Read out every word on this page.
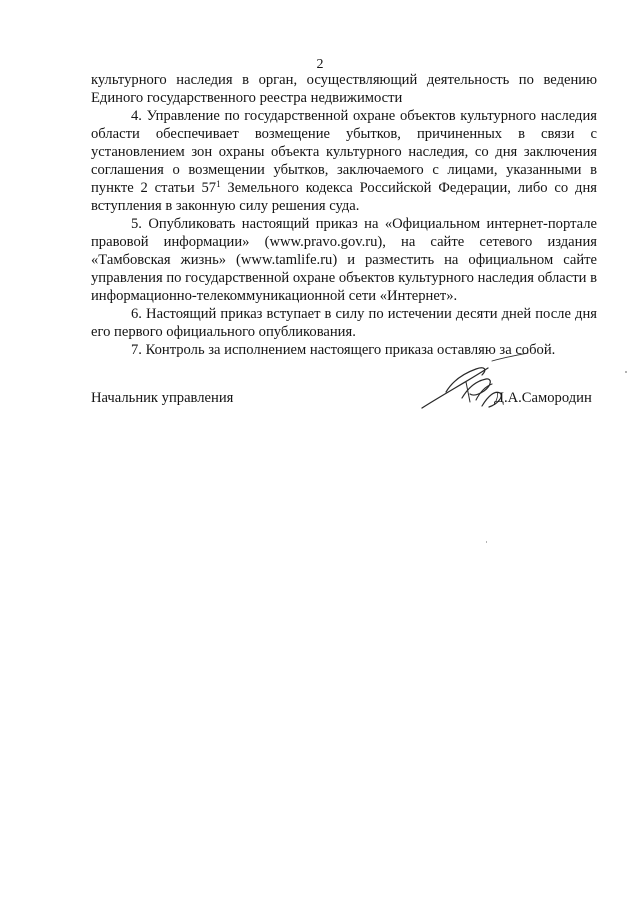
2

культурного наследия в орган, осуществляющий деятельность по ведению Единого государственного реестра недвижимости

4. Управление по государственной охране объектов культурного наследия области обеспечивает возмещение убытков, причиненных в связи с установлением зон охраны объекта культурного наследия, со дня заключения соглашения о возмещении убытков, заключаемого с лицами, указанными в пункте 2 статьи $57^1$ Земельного кодекса Российской Федерации, либо со дня вступления в законную силу решения суда.

5. Опубликовать настоящий приказ на «Официальном интернет-портале правовой информации» (www.pravo.gov.ru), на сайте сетевого издания «Тамбовская жизнь» (www.tamlife.ru) и разместить на официальном сайте управления по государственной охране объектов культурного наследия области в информационно-телекоммуникационной сети «Интернет».

6. Настоящий приказ вступает в силу по истечении десяти дней после дня его первого официального опубликования.

7. Контроль за исполнением настоящего приказа оставляю за собой.

Начальник управления	Д.А.Самородин
